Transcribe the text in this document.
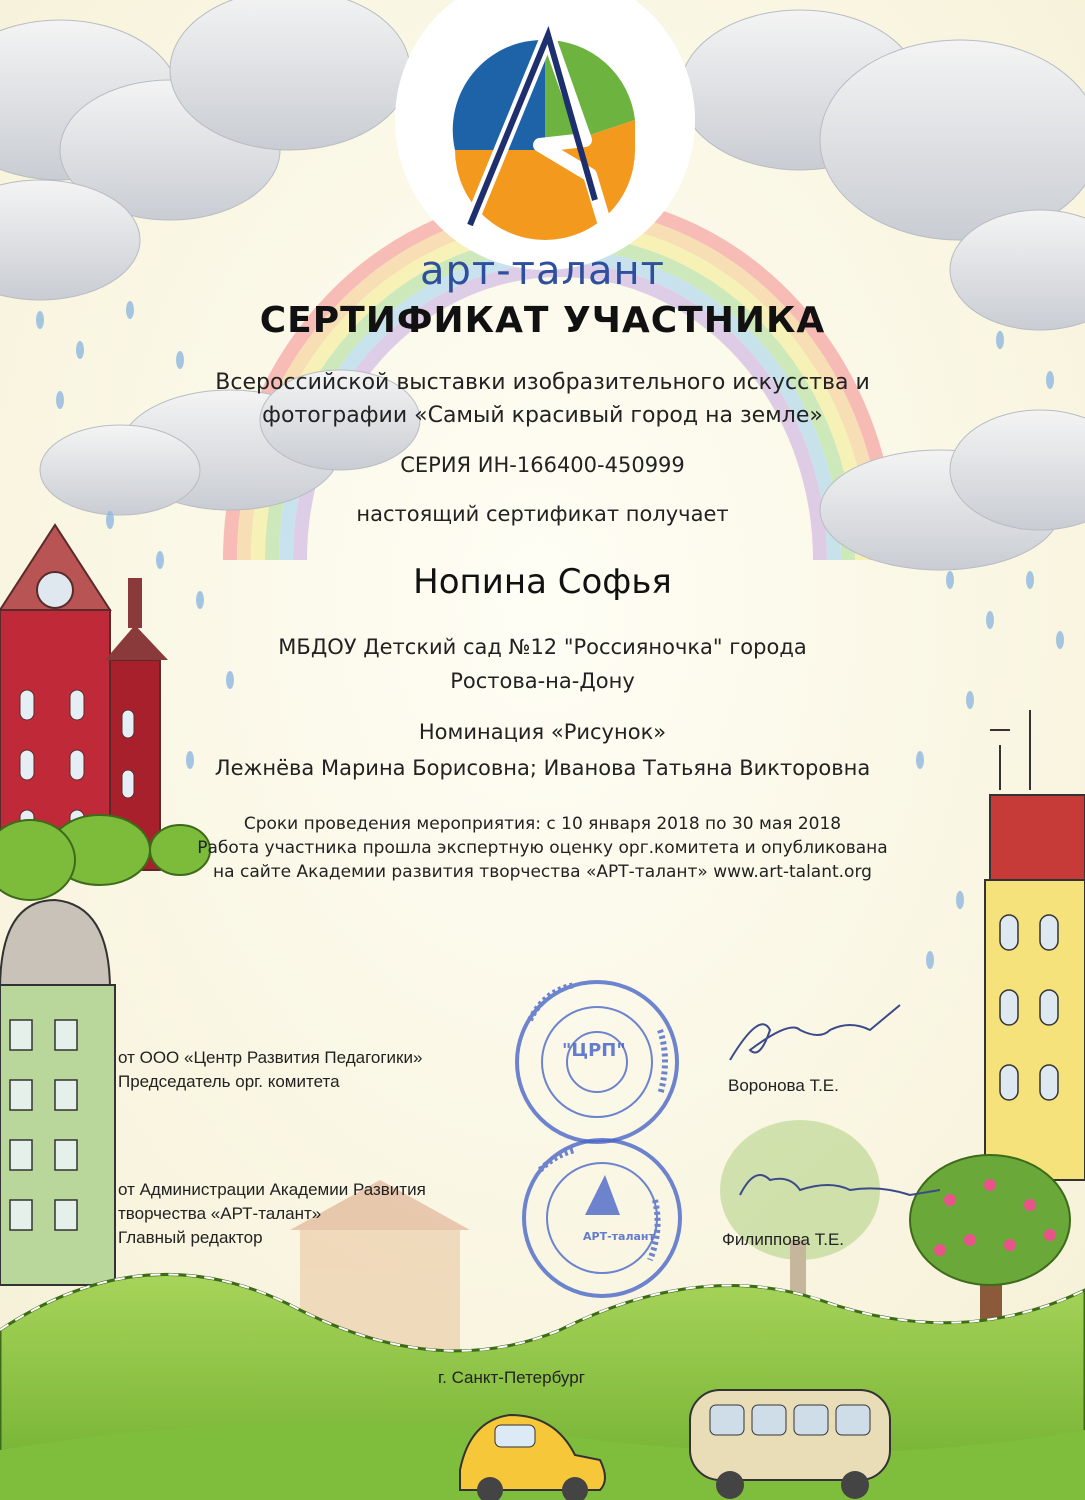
арт-талант
СЕРТИФИКАТ УЧАСТНИКА
Всероссийской выставки изобразительного искусства и
фотографии «Самый красивый город на земле»
СЕРИЯ ИН-166400-450999
настоящий сертификат получает
Нопина Софья
МБДОУ Детский сад №12 "Россияночка" города
Ростова-на-Дону
Номинация «Рисунок»
Лежнёва Марина Борисовна; Иванова Татьяна Викторовна
Сроки проведения мероприятия: с 10 января 2018 по 30 мая 2018
Работа участника прошла экспертную оценку орг.комитета и опубликована
на сайте Академии развития творчества «АРТ-талант» www.art-talant.org
от ООО «Центр Развития Педагогики»
Председатель орг. комитета	Воронова Т.Е.
от Администрации Академии Развития
творчества «АРТ-талант»
Главный редактор	Филиппова Т.Е.
"ЦРП"
АРТ-талант
г. Санкт-Петербург
